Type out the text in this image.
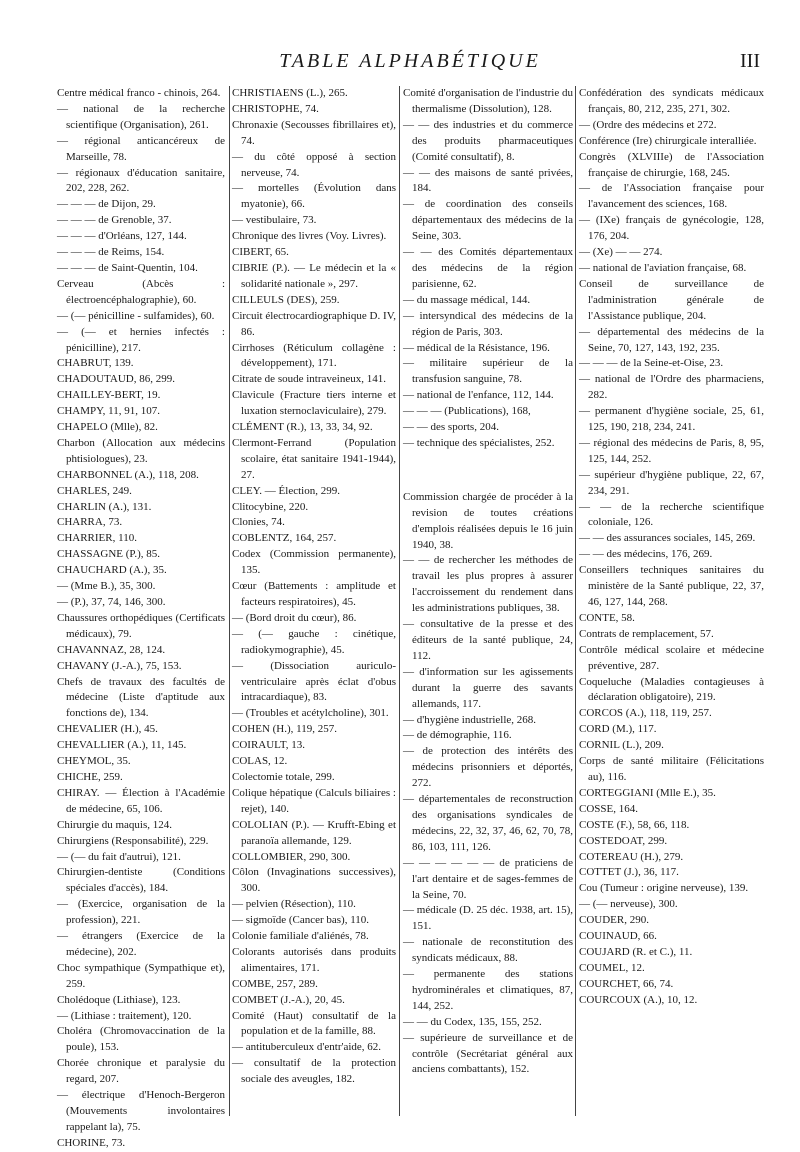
TABLE ALPHABÉTIQUE	III

Centre médical franco - chinois, 264.

— national de la recherche scientifique (Organisation), 261.

— régional anticancéreux de Marseille, 78.

— régionaux d'éducation sanitaire, 202, 228, 262.

— — — de Dijon, 29.

— — — de Grenoble, 37.

— — — d'Orléans, 127, 144.

— — — de Reims, 154.

— — — de Saint-Quentin, 104.

Cerveau (Abcès : électroencéphalographie), 60.

— (— pénicilline - sulfamides), 60.

— (— et hernies infectés : pénicilline), 217.

CHABRUT, 139.

CHADOUTAUD, 86, 299.

CHAILLEY-BERT, 19.

CHAMPY, 11, 91, 107.

CHAPELO (Mlle), 82.

Charbon (Allocation aux médecins phtisiologues), 23.

CHARBONNEL (A.), 118, 208.

CHARLES, 249.

CHARLIN (A.), 131.

CHARRA, 73.

CHARRIER, 110.

CHASSAGNE (P.), 85.

CHAUCHARD (A.), 35.

— (Mme B.), 35, 300.

— (P.), 37, 74, 146, 300.

Chaussures orthopédiques (Certificats médicaux), 79.

CHAVANNAZ, 28, 124.

CHAVANY (J.-A.), 75, 153.

Chefs de travaux des facultés de médecine (Liste d'aptitude aux fonctions de), 134.

CHEVALIER (H.), 45.

CHEVALLIER (A.), 11, 145.

CHEYMOL, 35.

CHICHE, 259.

CHIRAY. — Élection à l'Académie de médecine, 65, 106.

Chirurgie du maquis, 124.

Chirurgiens (Responsabilité), 229.

— (— du fait d'autrui), 121.

Chirurgien-dentiste (Conditions spéciales d'accès), 184.

— (Exercice, organisation de la profession), 221.

— étrangers (Exercice de la médecine), 202.

Choc sympathique (Sympathique et), 259.

Cholédoque (Lithiase), 123.

— (Lithiase : traitement), 120.

Choléra (Chromovaccination de la poule), 153.

Chorée chronique et paralysie du regard, 207.

— électrique d'Henoch-Bergeron (Mouvements involontaires rappelant la), 75.

CHORINE, 73.

CHRISTIAENS (L.), 265.

CHRISTOPHE, 74.

Chronaxie (Secousses fibrillaires et), 74.

— du côté opposé à section nerveuse, 74.

— mortelles (Évolution dans myatonie), 66.

— vestibulaire, 73.

Chronique des livres (Voy. Livres).

CIBERT, 65.

CIBRIE (P.). — Le médecin et la « solidarité nationale », 297.

CILLEULS (DES), 259.

Circuit électrocardiographique D. IV, 86.

Cirrhoses (Réticulum collagène : développement), 171.

Citrate de soude intraveineux, 141.

Clavicule (Fracture tiers interne et luxation sternoclaviculaire), 279.

CLÉMENT (R.), 13, 33, 34, 92.

Clermont-Ferrand (Population scolaire, état sanitaire 1941-1944), 27.

CLEY. — Élection, 299.

Clitocybine, 220.

Clonies, 74.

COBLENTZ, 164, 257.

Codex (Commission permanente), 135.

Cœur (Battements : amplitude et facteurs respiratoires), 45.

— (Bord droit du cœur), 86.

— (— gauche : cinétique, radiokymographie), 45.

— (Dissociation auriculo-ventriculaire après éclat d'obus intracardiaque), 83.

— (Troubles et acétylcholine), 301.

COHEN (H.), 119, 257.

COIRAULT, 13.

COLAS, 12.

Colectomie totale, 299.

Colique hépatique (Calculs biliaires : rejet), 140.

COLOLIAN (P.). — Krufft-Ebing et paranoïa allemande, 129.

COLLOMBIER, 290, 300.

Côlon (Invaginations successives), 300.

— pelvien (Résection), 110.

— sigmoïde (Cancer bas), 110.

Colonie familiale d'aliénés, 78.

Colorants autorisés dans produits alimentaires, 171.

COMBE, 257, 289.

COMBET (J.-A.), 20, 45.

Comité (Haut) consultatif de la population et de la famille, 88.

— antituberculeux d'entr'aide, 62.

— consultatif de la protection sociale des aveugles, 182.

Comité d'organisation de l'industrie du thermalisme (Dissolution), 128.

— — des industries et du commerce des produits pharmaceutiques (Comité consultatif), 8.

— — des maisons de santé privées, 184.

— de coordination des conseils départementaux des médecins de la Seine, 303.

— — des Comités départementaux des médecins de la région parisienne, 62.

— du massage médical, 144.

— intersyndical des médecins de la région de Paris, 303.

— médical de la Résistance, 196.

— militaire supérieur de la transfusion sanguine, 78.

— national de l'enfance, 112, 144.

— — — (Publications), 168,

— — des sports, 204.

— technique des spécialistes, 252.

Commission chargée de procéder à la revision de toutes créations d'emplois réalisées depuis le 16 juin 1940, 38.

— — de rechercher les méthodes de travail les plus propres à assurer l'accroissement du rendement dans les administrations publiques, 38.

— consultative de la presse et des éditeurs de la santé publique, 24, 112.

— d'information sur les agissements durant la guerre des savants allemands, 117.

— d'hygiène industrielle, 268.

— de démographie, 116.

— de protection des intérêts des médecins prisonniers et déportés, 272.

— départementales de reconstruction des organisations syndicales de médecins, 22, 32, 37, 46, 62, 70, 78, 86, 103, 111, 126.

— — — — — — de praticiens de l'art dentaire et de sages-femmes de la Seine, 70.

— médicale (D. 25 déc. 1938, art. 15), 151.

— nationale de reconstitution des syndicats médicaux, 88.

— permanente des stations hydrominérales et climatiques, 87, 144, 252.

— — du Codex, 135, 155, 252.

— supérieure de surveillance et de contrôle (Secrétariat général aux anciens combattants), 152.

Confédération des syndicats médicaux français, 80, 212, 235, 271, 302.

— (Ordre des médecins et 272.

Conférence (Ire) chirurgicale interalliée.

Congrès (XLVIIIe) de l'Association française de chirurgie, 168, 245.

— de l'Association française pour l'avancement des sciences, 168.

— (IXe) français de gynécologie, 128, 176, 204.

— (Xe) — — 274.

— national de l'aviation française, 68.

Conseil de surveillance de l'administration générale de l'Assistance publique, 204.

— départemental des médecins de la Seine, 70, 127, 143, 192, 235.

— — — de la Seine-et-Oise, 23.

— national de l'Ordre des pharmaciens, 282.

— permanent d'hygiène sociale, 25, 61, 125, 190, 218, 234, 241.

— régional des médecins de Paris, 8, 95, 125, 144, 252.

— supérieur d'hygiène publique, 22, 67, 234, 291.

— — de la recherche scientifique coloniale, 126.

— — des assurances sociales, 145, 269.

— — des médecins, 176, 269.

Conseillers techniques sanitaires du ministère de la Santé publique, 22, 37, 46, 127, 144, 268.

CONTE, 58.

Contrats de remplacement, 57.

Contrôle médical scolaire et médecine préventive, 287.

Coqueluche (Maladies contagieuses à déclaration obligatoire), 219.

CORCOS (A.), 118, 119, 257.

CORD (M.), 117.

CORNIL (L.), 209.

Corps de santé militaire (Félicitations au), 116.

CORTEGGIANI (Mlle E.), 35.

COSSE, 164.

COSTE (F.), 58, 66, 118.

COSTEDOAT, 299.

COTEREAU (H.), 279.

COTTET (J.), 36, 117.

Cou (Tumeur : origine nerveuse), 139.

— (— nerveuse), 300.

COUDER, 290.

COUINAUD, 66.

COUJARD (R. et C.), 11.

COUMEL, 12.

COURCHET, 66, 74.

COURCOUX (A.), 10, 12.
